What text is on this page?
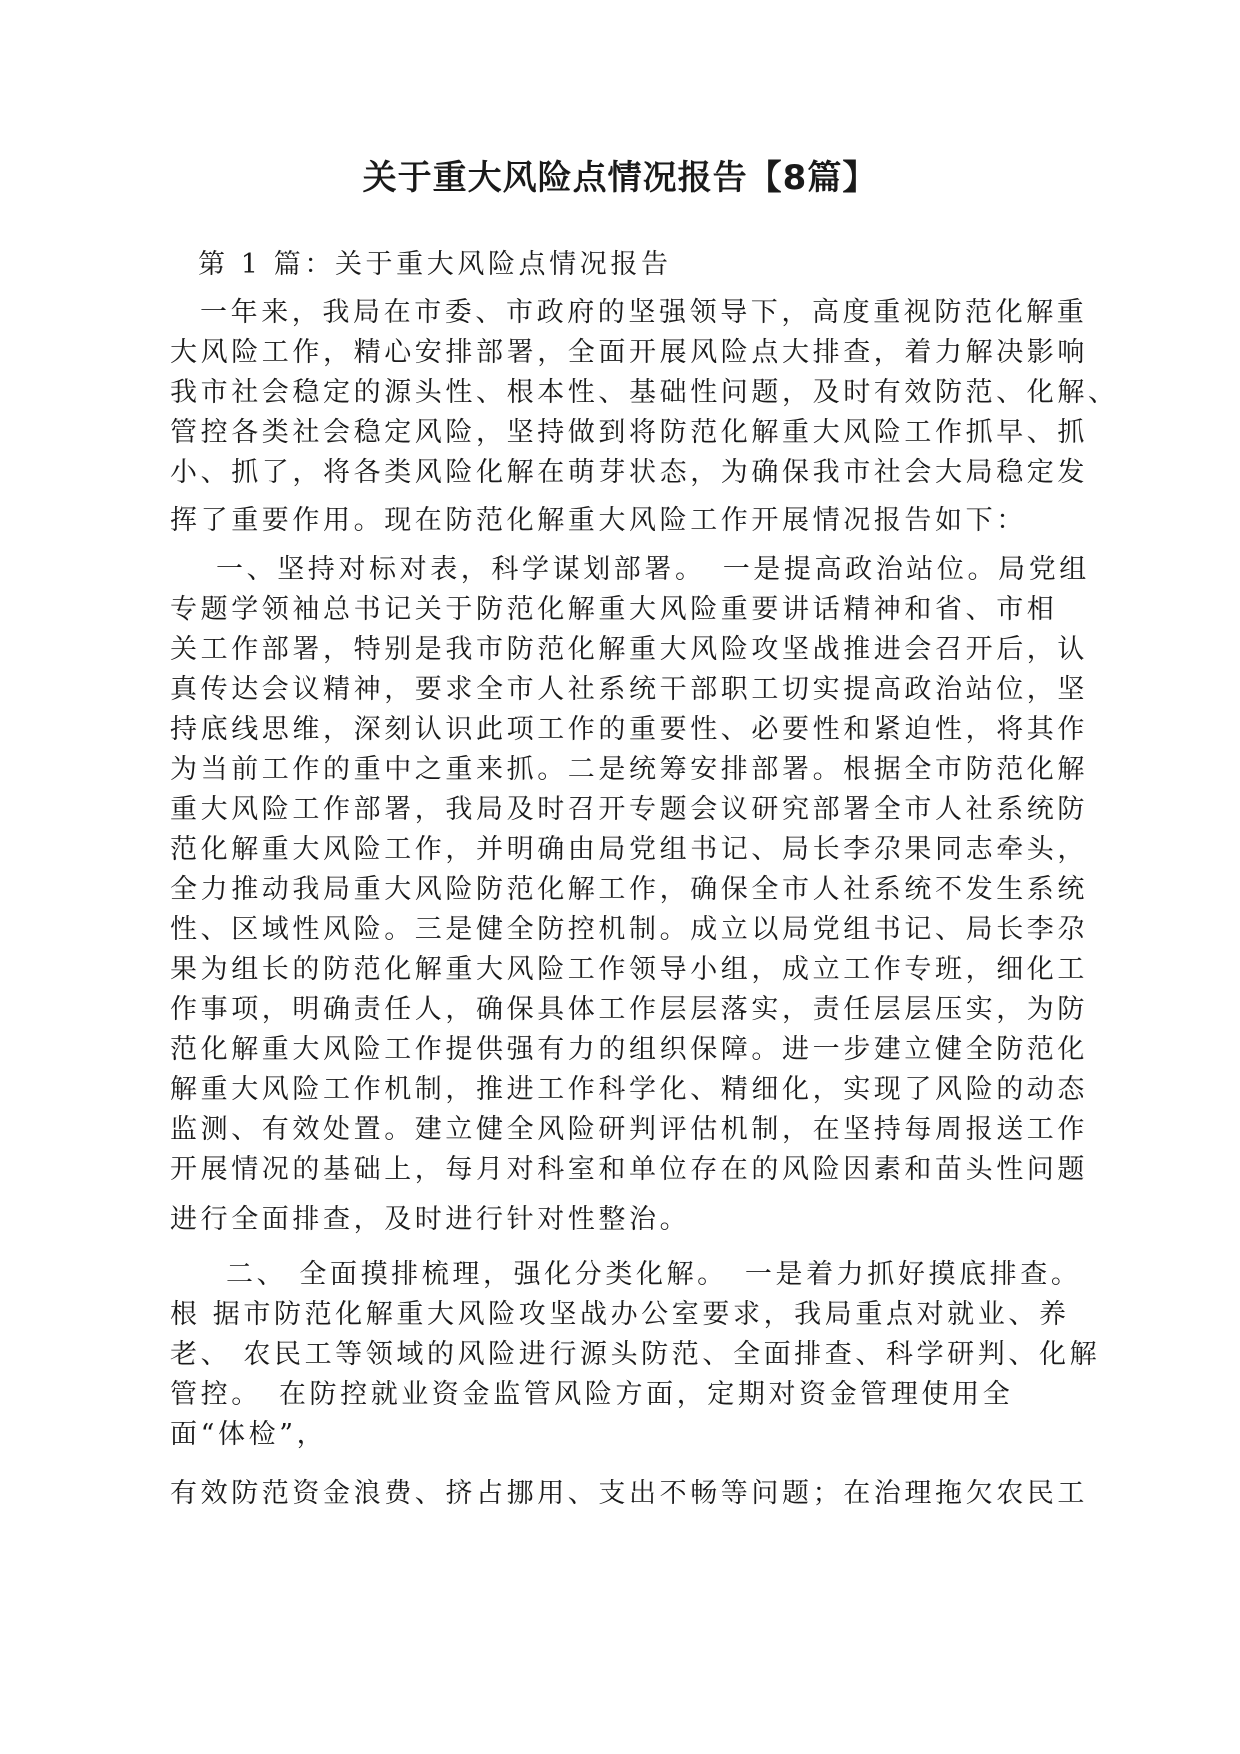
关于重大风险点情况报告【8篇】

第 1 篇：关于重大风险点情况报告

一年来，我局在市委、市政府的坚强领导下，高度重视防范化解重

大风险工作，精心安排部署，全面开展风险点大排查，着力解决影响

我市社会稳定的源头性、根本性、基础性问题，及时有效防范、化解、

管控各类社会稳定风险，坚持做到将防范化解重大风险工作抓早、抓

小、抓了，将各类风险化解在萌芽状态，为确保我市社会大局稳定发

挥了重要作用。现在防范化解重大风险工作开展情况报告如下：

一、坚持对标对表，科学谋划部署。　一是提高政治站位。局党组

专题学领袖总书记关于防范化解重大风险重要讲话精神和省、市相

关工作部署，特别是我市防范化解重大风险攻坚战推进会召开后，认

真传达会议精神，要求全市人社系统干部职工切实提高政治站位，坚

持底线思维，深刻认识此项工作的重要性、必要性和紧迫性，将其作

为当前工作的重中之重来抓。二是统筹安排部署。根据全市防范化解

重大风险工作部署，我局及时召开专题会议研究部署全市人社系统防

范化解重大风险工作，并明确由局党组书记、局长李尕果同志牵头，

全力推动我局重大风险防范化解工作，确保全市人社系统不发生系统

性、区域性风险。三是健全防控机制。成立以局党组书记、局长李尕

果为组长的防范化解重大风险工作领导小组，成立工作专班，细化工

作事项，明确责任人，确保具体工作层层落实，责任层层压实，为防

范化解重大风险工作提供强有力的组织保障。进一步建立健全防范化

解重大风险工作机制，推进工作科学化、精细化，实现了风险的动态

监测、有效处置。建立健全风险研判评估机制，在坚持每周报送工作

开展情况的基础上，每月对科室和单位存在的风险因素和苗头性问题

进行全面排查，及时进行针对性整治。

二、 全面摸排梳理，强化分类化解。　一是着力抓好摸底排查。

根 据市防范化解重大风险攻坚战办公室要求，我局重点对就业、养

老、 农民工等领域的风险进行源头防范、全面排查、科学研判、化解

管控。　在防控就业资金监管风险方面，定期对资金管理使用全

面“体检”，

有效防范资金浪费、挤占挪用、支出不畅等问题；在治理拖欠农民工
